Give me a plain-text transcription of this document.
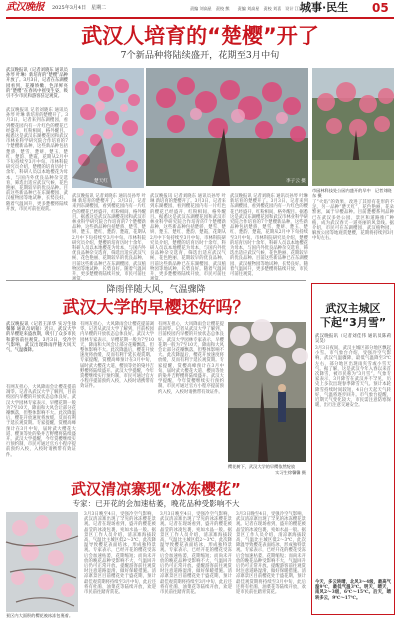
武汉晚报 2025年3月4日　星期二	责编 刘高星　责校 熊　　责编 刘高星　责校 刘喜　设计 江娟
城事·民生 05
武汉人培育的“楚樱”开了
7个新品种将陆续盛开，花期至3月中旬
武汉晚报讯（记者刘晓东 通讯员孙琴 叶琳）新培育的“楚樱”品种开放了。3月3日，记者在东湖樱园看到，花瓣娇嫩、色泽鲜亮的“楚樱”在春风中摇曳生姿，吸引不少市民和游客驻足观赏。
武汉晚报讯 记者刘晓东 通讯员孙琴 叶琳 新培育的楚樱开了。3月3日，记者来到东湖樱园，看到樱花园内有一片红色的樱花已经盛开，红粉相间，格外醒目。据悉这是武汉东湖樱花园和武汉市林业科学研究院合作培育的7个楚樱新品种，这些新品种包括楚骄、楚雪、楚妍、楚玉、楚红、楚韵、楚霞，花期从2月中下旬持续至3月中旬。市林科院研究员介绍，楚樱的培育历时十余年，科研人员以本地樱花为母本，与国内外优良品种杂交选育，筛选出适应武汉气候、花色艳丽、花期较早的优良品种。目前这些新品种已在东湖樱园、武汉植物园等地试种，长势良好。随着气温回升，更多楚樱将陆续开放，市民可前往观赏。
楚天红	李子云 摄
市园林科技处公园内盛开的早中　记者刘晓东 摄
武汉晚报讯 记者刘晓东 通讯员孙琴 叶琳 新培育的楚樱开了。3月3日，记者来到东湖樱园，看到樱花园内有一片红色的樱花已经盛开，红粉相间，格外醒目。据悉这是武汉东湖樱花园和武汉市林业科学研究院合作培育的7个楚樱新品种，这些新品种包括楚骄、楚雪、楚妍、楚玉、楚红、楚韵、楚霞，花期从2月中下旬持续至3月中旬。市林科院研究员介绍，楚樱的培育历时十余年，科研人员以本地樱花为母本，与国内外优良品种杂交选育，筛选出适应武汉气候、花色艳丽、花期较早的优良品种。目前这些新品种已在东湖樱园、武汉植物园等地试种，长势良好。随着气温回升，更多楚樱将陆续开放，市民可前往
武汉晚报讯 记者刘晓东 通讯员孙琴 叶琳 新培育的楚樱开了。3月3日，记者来到东湖樱园，看到樱花园内有一片红色的樱花已经盛开，红粉相间，格外醒目。据悉这是武汉东湖樱花园和武汉市林业科学研究院合作培育的7个楚樱新品种，这些新品种包括楚骄、楚雪、楚妍、楚玉、楚红、楚韵、楚霞，花期从2月中下旬持续至3月中旬。市林科院研究员介绍，楚樱的培育历时十余年，科研人员以本地樱花为母本，与国内外优良品种杂交选育，筛选出适应武汉气候、花色艳丽、花期较早的优良品种。目前这些新品种已在东湖樱园、武汉植物园等地试种，长势良好。随着气温回升，更多楚樱将陆续开放，市民可前往
武汉晚报讯 记者刘晓东 通讯员孙琴 叶琳 新培育的楚樱开了。3月3日，记者来到东湖樱园，看到樱花园内有一片红色的樱花已经盛开，红粉相间，格外醒目。据悉这是武汉东湖樱花园和武汉市林业科学研究院合作培育的7个楚樱新品种，这些新品种包括楚骄、楚雪、楚妍、楚玉、楚红、楚韵、楚霞，花期从2月中下旬持续至3月中旬。市林科院研究员介绍，楚樱的培育历时十余年，科研人员以本地樱花为母本，与国内外优良品种杂交选育，筛选出适应武汉气候、花色艳丽、花期较早的优良品种。目前这些新品种已在东湖樱园、武汉植物园等地试种，长势良好。随着气温回升，更多楚樱将陆续开放，市民可前往观赏。
了“火焰”的效果，改进了其原有花形的不足。另一品种“楚天红”，花色艳丽，花朵繁密，属于早樱品种。目前楚樱系列品种已在武汉多处公园、景区和道路推广种植，成为武汉春天一道亮丽的风景线。据介绍，市民可在东湖樱园、武汉植物园、解放公园等地观赏楚樱，花期将持续到3月中旬左右。
降雨伴随大风，气温骤降
武汉大学的早樱还好吗？
武汉晚报讯（记者王泽华 实习生徐馨馨 通讯员胡韬）近日，武汉大学的早樱迎来盛放期，吸引了众多市民和游客前往观赏。3月3日，受冷空气影响，武汉出现降雨伴随大风天气，气温骤降。
有网友担心，大风降雨会让樱花提前凋零。记者从武汉大学了解到，目前校园内早樱的开放状态总体良好。武汉大学园林专家表示，早樱花期一般为7至10天，降雨和大风会让部分花瓣飘落，但整体影响不大。此次降温后，樱花开放速度将放缓，反而有利于延长观赏期。专家提醒，赏樱高峰预计在3月中旬，届时武大樱花大道、樱顶等处的染井吉野樱将陆续盛开。武汉大学提醒，今年赏樱继续实行预约制，市民可通过官方小程序提前预约入校，入校时请携带有效证件。
有网友担心，大风降雨会让樱花提前凋零。记者从武汉大学了解到，目前校园内早樱的开放状态总体良好。武汉大学园林专家表示，早樱花期一般为7至10天，降雨和大风会让部分花瓣飘落，但整体影响不大。此次降温后，樱花开放速度将放缓，反而有利于延长观赏期。专家提醒，赏樱高峰预计在3月中旬，届时武大樱花大道、樱顶等处的染井吉野樱将陆续盛开。武汉大学提醒，今年赏樱继续实行预约制，市民可通过官方小程序提前预约入校，入校时请携带有效证件。
有网友担心，大风降雨会让樱花提前凋零。记者从武汉大学了解到，目前校园内早樱的开放状态总体良好。武汉大学园林专家表示，早樱花期一般为7至10天，降雨和大风会让部分花瓣飘落，但整体影响不大。此次降温后，樱花开放速度将放缓，反而有利于延长观赏期。专家提醒，赏樱高峰预计在3月中旬，届时武大樱花大道、樱顶等处的染井吉野樱将陆续盛开。武汉大学提醒，今年赏樱继续实行预约制，市民可通过官方小程序提前预约入校，入校时请携带有效证件。
樱花树下，武汉大学的早樱依然绽放
实习生徐馨馨 摄
武汉主城区
下起“3月雪”
武汉晚报讯（记者刘佳伟 通讯员陈莉 吴昊）
3月3日夜间，武汉主城区部分地区飘起小雪。市气象台介绍，受强冷空气影响，武汉气温骤降，最低气温降至3℃左右，部分地区出现雨夹雪或小雪天气。据了解，这是武汉今年入春以来首次降雪，被市民称为“3月雪”。气象专家表示，3月降雪在武汉并不罕见，历史上多次出现春季降雪天气。预计本轮降雪持续时间较短，4日白天起天气转好，气温将逐步回升。市气象台提醒，近期天气变化较大，市民需注意防寒保暖，出行注意交通安全。
今天，多云转晴，北风3～4级，最高气温9℃，最低气温3℃。明天，晴天，南风2～3级，6℃～15℃。后天，晴转多云，9℃～17℃。
武汉清凉寨现“冰冻樱花”
专家：已开花的会加速枯萎，晚花品种受影响不大
景区内大面积的樱花被冰冻包裹着。
3月3日晚至4日，受强冷空气影响，武汉清凉寨出现了罕见的冰冻樱花景观。记者在现场看到，盛开的樱花被晶莹的冰凌包裹，宛如水晶一般。据景区工作人员介绍，清凉寨海拔较高，气温比主城区低2～3℃，此次降温导致樱花表面结冰，形成独特景观。专家表示，已经开花的樱花受冻后会加速枯萎，花期缩短；而尚未开放的晚花品种受影响不大，气温回升后仍可正常开放。提醒游客前往观赏时注意道路湿滑，做好保暖措施。清凉寨景区目前樱花处于盛花期，预计最佳观赏期将持续至3月中旬，此后还将有杜鹃、油菜花等陆续开放，欢迎市民前往踏青赏花。
3月3日晚至4日，受强冷空气影响，武汉清凉寨出现了罕见的冰冻樱花景观。记者在现场看到，盛开的樱花被晶莹的冰凌包裹，宛如水晶一般。据景区工作人员介绍，清凉寨海拔较高，气温比主城区低2～3℃，此次降温导致樱花表面结冰，形成独特景观。专家表示，已经开花的樱花受冻后会加速枯萎，花期缩短；而尚未开放的晚花品种受影响不大，气温回升后仍可正常开放。提醒游客前往观赏时注意道路湿滑，做好保暖措施。清凉寨景区目前樱花处于盛花期，预计最佳观赏期将持续至3月中旬，此后还将有杜鹃、油菜花等陆续开放，欢迎市民前往踏青赏花。
3月3日晚至4日，受强冷空气影响，武汉清凉寨出现了罕见的冰冻樱花景观。记者在现场看到，盛开的樱花被晶莹的冰凌包裹，宛如水晶一般。据景区工作人员介绍，清凉寨海拔较高，气温比主城区低2～3℃，此次降温导致樱花表面结冰，形成独特景观。专家表示，已经开花的樱花受冻后会加速枯萎，花期缩短；而尚未开放的晚花品种受影响不大，气温回升后仍可正常开放。提醒游客前往观赏时注意道路湿滑，做好保暖措施。清凉寨景区目前樱花处于盛花期，预计最佳观赏期将持续至3月中旬，此后还将有杜鹃、油菜花等陆续开放，欢迎市民前往踏青赏花。
